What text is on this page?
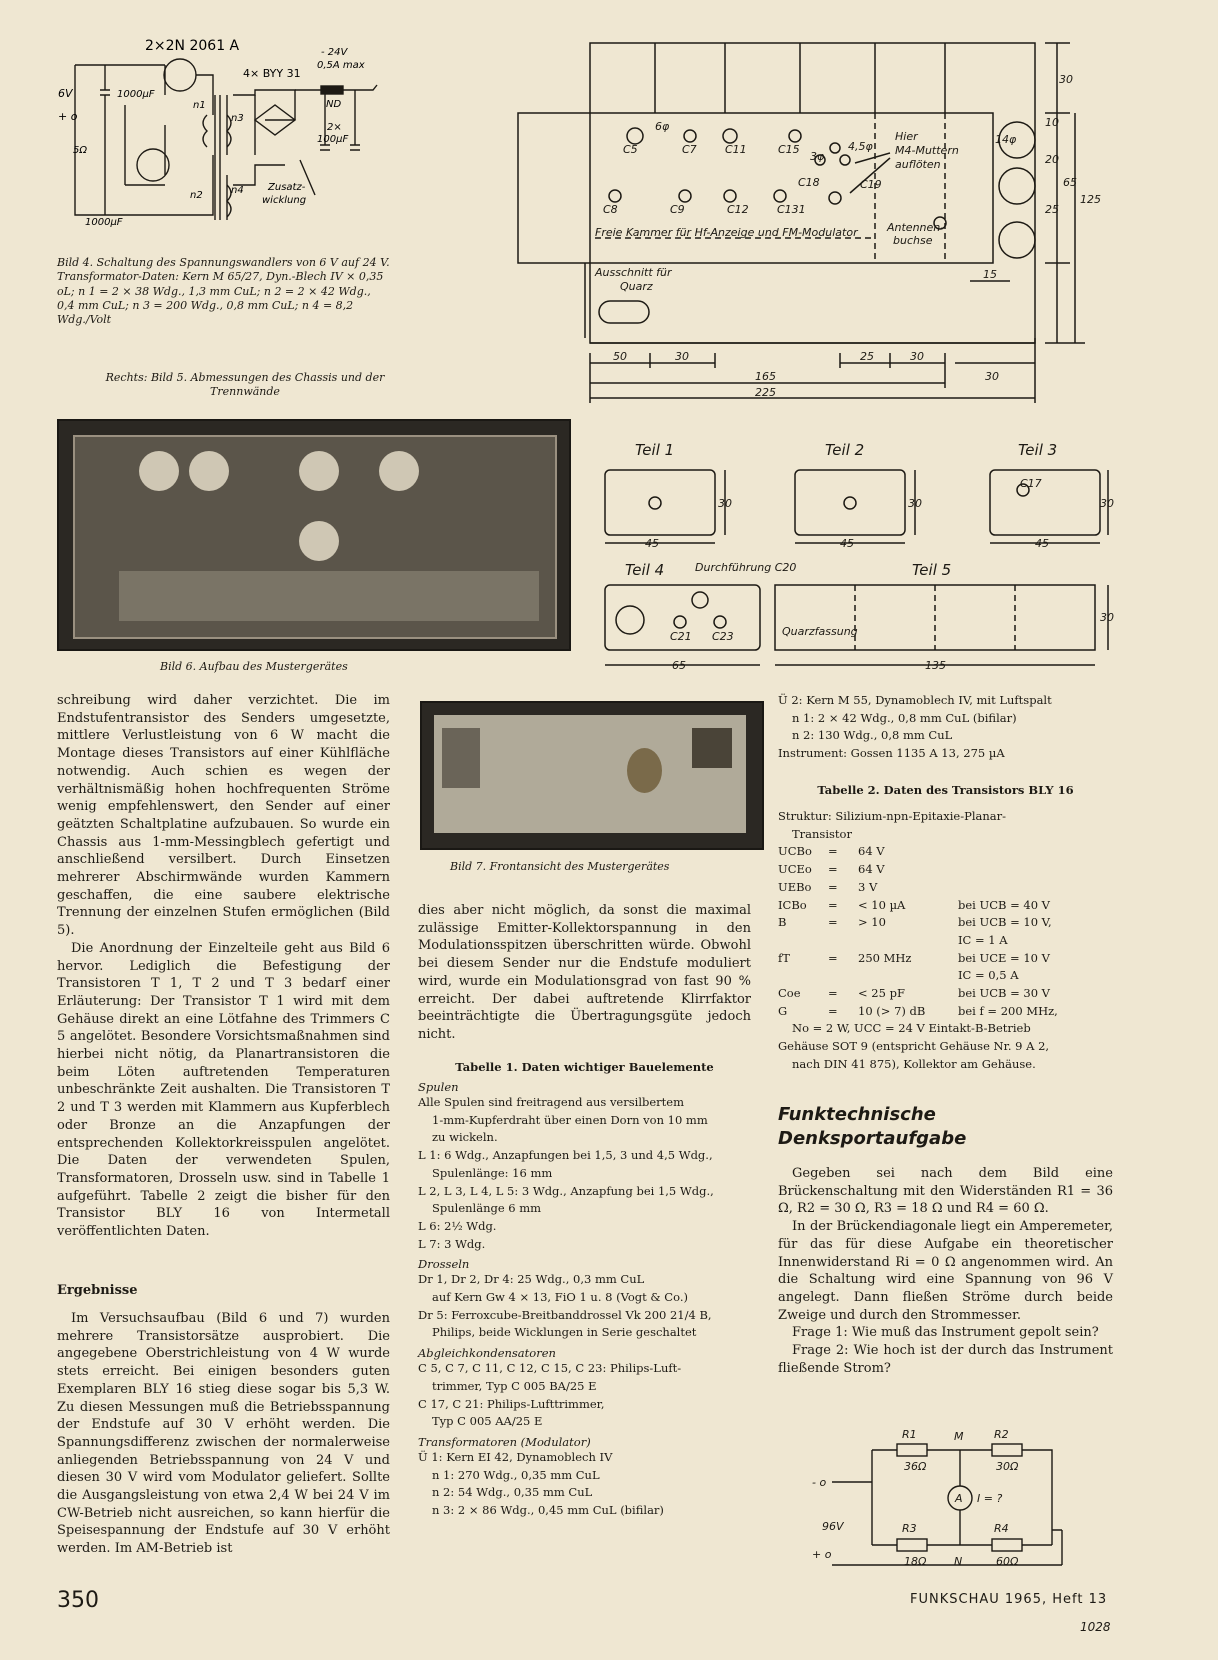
2×2N 2061 A
6V
+ o
1000µF
1000µF
5Ω
n1
n2
n3
n4
4× BYY 31
- 24V
0,5A max
ND
2×
100µF
Zusatz-
wicklung
Bild 4. Schaltung des Spannungswandlers von 6 V auf 24 V. Transformator-Daten: Kern M 65/27, Dyn.-Blech IV × 0,35 oL; n 1 = 2 × 38 Wdg., 1,3 mm CuL; n 2 = 2 × 42 Wdg., 0,4 mm CuL; n 3 = 200 Wdg., 0,8 mm CuL; n 4 = 8,2 Wdg./Volt
Rechts: Bild 5. Abmessungen des Chassis und der Trennwände
C5	C7	C11	C15
C8	C9	C12	C131
C18	C19
6φ
3φ
4,5φ
14φ
Hier
M4-Muttern
auflöten
Antennen-
buchse
Freie Kammer für Hf-Anzeige und FM-Modulator
Ausschnitt für
Quarz
50	30	25	30
165
225
30
15
30
10
20
25
65
125
Bild 6. Aufbau des Mustergerätes
Teil 1	Teil 2	Teil 3
Teil 4	Teil 5
Durchführung C20
Quarzfassung
C17
C21 C23
45
30
45
30
45
30
65	135
30

schreibung wird daher verzichtet. Die im Endstufentransistor des Senders umgesetzte, mittlere Verlustleistung von 6 W macht die Montage dieses Transistors auf einer Kühlfläche notwendig. Auch schien es wegen der verhältnismäßig hohen hochfrequenten Ströme wenig empfehlenswert, den Sender auf einer geätzten Schaltplatine aufzubauen. So wurde ein Chassis aus 1-mm-Messingblech gefertigt und anschließend versilbert. Durch Einsetzen mehrerer Abschirmwände wurden Kammern geschaffen, die eine saubere elektrische Trennung der einzelnen Stufen ermöglichen (Bild 5).

Die Anordnung der Einzelteile geht aus Bild 6 hervor. Lediglich die Befestigung der Transistoren T 1, T 2 und T 3 bedarf einer Erläuterung: Der Transistor T 1 wird mit dem Gehäuse direkt an eine Lötfahne des Trimmers C 5 angelötet. Besondere Vorsichtsmaßnahmen sind hierbei nicht nötig, da Planartransistoren die beim Löten auftretenden Temperaturen unbeschränkte Zeit aushalten. Die Transistoren T 2 und T 3 werden mit Klammern aus Kupferblech oder Bronze an die Anzapfungen der entsprechenden Kollektorkreisspulen angelötet. Die Daten der verwendeten Spulen, Transformatoren, Drosseln usw. sind in Tabelle 1 aufgeführt. Tabelle 2 zeigt die bisher für den Transistor BLY 16 von Intermetall veröffentlichten Daten.

Ergebnisse
Im Versuchsaufbau (Bild 6 und 7) wurden mehrere Transistorsätze ausprobiert. Die angegebene Oberstrichleistung von 4 W wurde stets erreicht. Bei einigen besonders guten Exemplaren BLY 16 stieg diese sogar bis 5,3 W. Zu diesen Messungen muß die Betriebsspannung der Endstufe auf 30 V erhöht werden. Die Spannungsdifferenz zwischen der normalerweise anliegenden Betriebsspannung von 24 V und diesen 30 V wird vom Modulator geliefert. Sollte die Ausgangsleistung von etwa 2,4 W bei 24 V im CW-Betrieb nicht ausreichen, so kann hierfür die Speisespannung der Endstufe auf 30 V erhöht werden. Im AM-Betrieb ist
Bild 7. Frontansicht des Mustergerätes
dies aber nicht möglich, da sonst die maximal zulässige Emitter-Kollektorspannung in den Modulationsspitzen überschritten würde. Obwohl bei diesem Sender nur die Endstufe moduliert wird, wurde ein Modulationsgrad von fast 90 % erreicht. Der dabei auftretende Klirrfaktor beeinträchtigte die Übertragungsgüte jedoch nicht.
Tabelle 1. Daten wichtiger Bauelemente
Spulen
Alle Spulen sind freitragend aus versilbertem
1-mm-Kupferdraht über einen Dorn von 10 mm
zu wickeln.
L 1: 6 Wdg., Anzapfungen bei 1,5, 3 und 4,5 Wdg.,
Spulenlänge: 16 mm
L 2, L 3, L 4, L 5: 3 Wdg., Anzapfung bei 1,5 Wdg.,
Spulenlänge 6 mm
L 6: 2½ Wdg.
L 7: 3 Wdg.
Drosseln
Dr 1, Dr 2, Dr 4: 25 Wdg., 0,3 mm CuL
auf Kern Gw 4 × 13, FiO 1 u. 8 (Vogt & Co.)
Dr 5: Ferroxcube-Breitbanddrossel Vk 200 21/4 B,
Philips, beide Wicklungen in Serie geschaltet
Abgleichkondensatoren
C 5, C 7, C 11, C 12, C 15, C 23: Philips-Luft-
trimmer, Typ C 005 BA/25 E
C 17, C 21: Philips-Lufttrimmer,
Typ C 005 AA/25 E
Transformatoren (Modulator)
Ü 1: Kern EI 42, Dynamoblech IV
n 1: 270 Wdg., 0,35 mm CuL
n 2: 54 Wdg., 0,35 mm CuL
n 3: 2 × 86 Wdg., 0,45 mm CuL (bifilar)
Ü 2: Kern M 55, Dynamoblech IV, mit Luftspalt
n 1: 2 × 42 Wdg., 0,8 mm CuL (bifilar)
n 2: 130 Wdg., 0,8 mm CuL
Instrument: Gossen 1135 A 13, 275 µA
Tabelle 2. Daten des Transistors BLY 16
Struktur: Silizium-npn-Epitaxie-Planar-
Transistor
UCBo	=	64 V
UCEo	=	64 V
UEBo	=	3 V
ICBo	=	< 10 µA	bei UCB = 40 V
B	=	> 10	bei UCB = 10 V,
IC = 1 A
fT	=	250 MHz	bei UCE = 10 V
IC = 0,5 A
Coe	=	< 25 pF	bei UCB = 30 V
G	=	10 (> 7) dB	bei f = 200 MHz,
No = 2 W, UCC = 24 V Eintakt-B-Betrieb
Gehäuse SOT 9 (entspricht Gehäuse Nr. 9 A 2,
nach DIN 41 875), Kollektor am Gehäuse.
Funktechnische
Denksportaufgabe

Gegeben sei nach dem Bild eine Brückenschaltung mit den Widerständen R1 = 36 Ω, R2 = 30 Ω, R3 = 18 Ω und R4 = 60 Ω.

In der Brückendiagonale liegt ein Amperemeter, für das für diese Aufgabe ein theoretischer Innenwiderstand Ri = 0 Ω angenommen wird. An die Schaltung wird eine Spannung von 96 V angelegt. Dann fließen Ströme durch beide Zweige und durch den Strommesser.

Frage 1: Wie muß das Instrument gepolt sein?

Frage 2: Wie hoch ist der durch das Instrument fließende Strom?

R1
36Ω
R2
30Ω
R3
18Ω
R4
60Ω
M
N
A I = ?
96V
- o
+ o
350	FUNKSCHAU 1965, Heft 13
1028
